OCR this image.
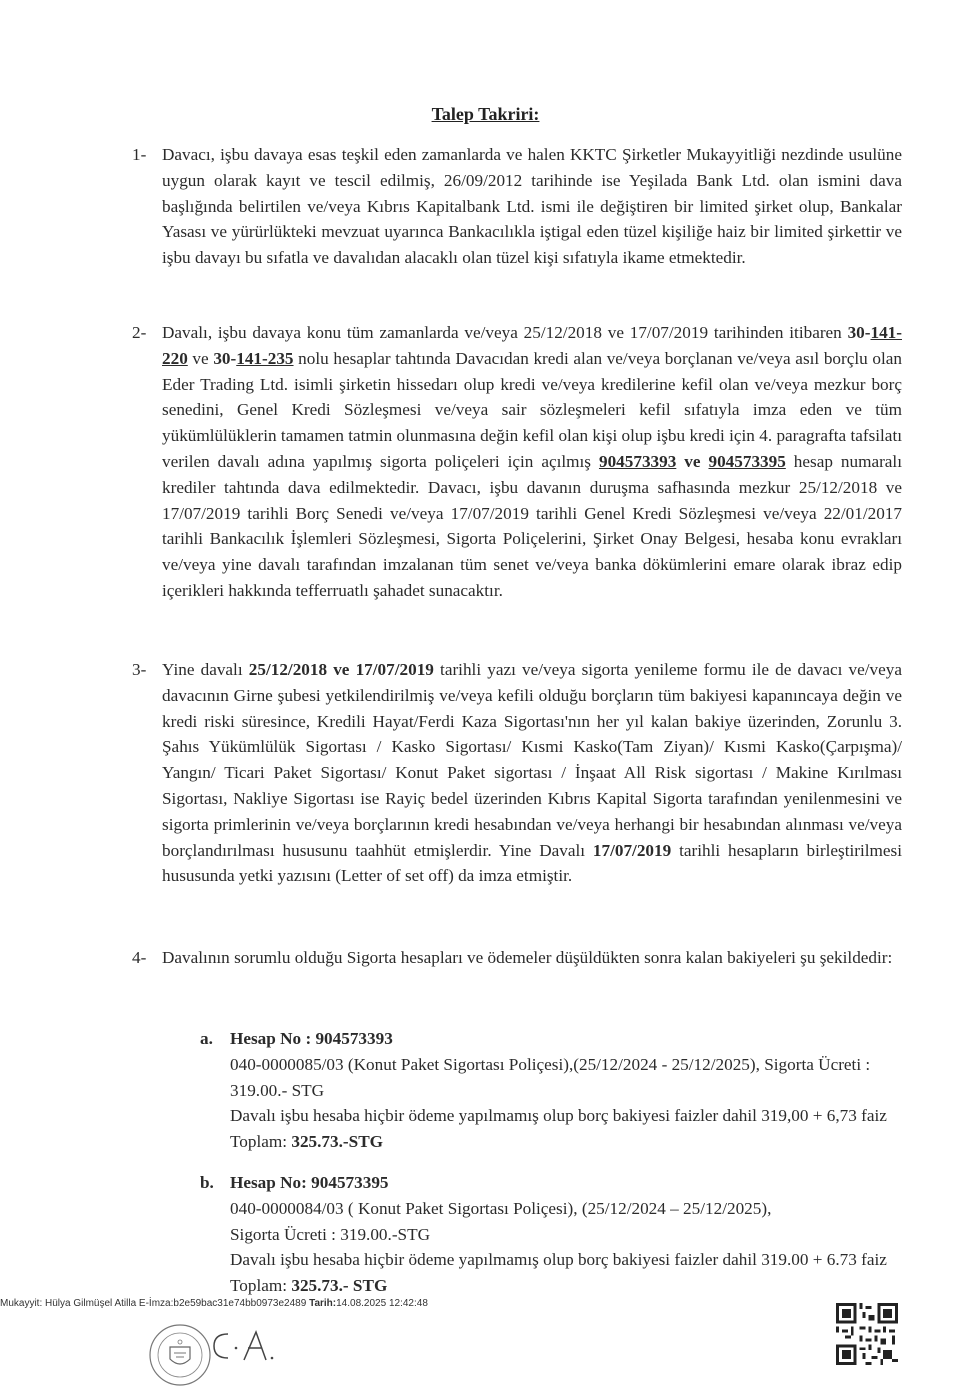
Talep Takriri:
1- Davacı, işbu davaya esas teşkil eden zamanlarda ve halen KKTC Şirketler Mukayyitliği nezdinde usulüne uygun olarak kayıt ve tescil edilmiş, 26/09/2012 tarihinde ise Yeşilada Bank Ltd. olan ismini dava başlığında belirtilen ve/veya Kıbrıs Kapitalbank Ltd. ismi ile değiştiren bir limited şirket olup, Bankalar Yasası ve yürürlükteki mevzuat uyarınca Bankacılıkla iştigal eden tüzel kişiliğe haiz bir limited şirkettir ve işbu davayı bu sıfatla ve davalıdan alacaklı olan tüzel kişi sıfatıyla ikame etmektedir.
2- Davalı, işbu davaya konu tüm zamanlarda ve/veya 25/12/2018 ve 17/07/2019 tarihinden itibaren 30-141-220 ve 30-141-235 nolu hesaplar tahtında Davacıdan kredi alan ve/veya borçlanan ve/veya asıl borçlu olan Eder Trading Ltd. isimli şirketin hissedarı olup kredi ve/veya kredilerine kefil olan ve/veya mezkur borç senedini, Genel Kredi Sözleşmesi ve/veya sair sözleşmeleri kefil sıfatıyla imza eden ve tüm yükümlülüklerin tamamen tatmin olunmasına değin kefil olan kişi olup işbu kredi için 4. paragrafta tafsilatı verilen davalı adına yapılmış sigorta poliçeleri için açılmış 904573393 ve 904573395 hesap numaralı krediler tahtında dava edilmektedir. Davacı, işbu davanın duruşma safhasında mezkur 25/12/2018 ve 17/07/2019 tarihli Borç Senedi ve/veya 17/07/2019 tarihli Genel Kredi Sözleşmesi ve/veya 22/01/2017 tarihli Bankacılık İşlemleri Sözleşmesi, Sigorta Poliçelerini, Şirket Onay Belgesi, hesaba konu evrakları ve/veya yine davalı tarafından imzalanan tüm senet ve/veya banka dökümlerini emare olarak ibraz edip içerikleri hakkında tefferruatlı şahadet sunacaktır.
3- Yine davalı 25/12/2018 ve 17/07/2019 tarihli yazı ve/veya sigorta yenileme formu ile de davacı ve/veya davacının Girne şubesi yetkilendirilmiş ve/veya kefili olduğu borçların tüm bakiyesi kapanıncaya değin ve kredi riski süresince, Kredili Hayat/Ferdi Kaza Sigortası'nın her yıl kalan bakiye üzerinden, Zorunlu 3. Şahıs Yükümlülük Sigortası / Kasko Sigortası/ Kısmi Kasko(Tam Ziyan)/ Kısmi Kasko(Çarpışma)/ Yangın/ Ticari Paket Sigortası/ Konut Paket sigortası / İnşaat All Risk sigortası / Makine Kırılması Sigortası, Nakliye Sigortası ise Rayiç bedel üzerinden Kıbrıs Kapital Sigorta tarafından yenilenmesini ve sigorta primlerinin ve/veya borçlarının kredi hesabından ve/veya herhangi bir hesabından alınması ve/veya borçlandırılması hususunu taahhüt etmişlerdir. Yine Davalı 17/07/2019 tarihli hesapların birleştirilmesi hususunda yetki yazısını (Letter of set off) da imza etmiştir.
4- Davalının sorumlu olduğu Sigorta hesapları ve ödemeler düşüldükten sonra kalan bakiyeleri şu şekildedir:
a. Hesap No : 904573393
040-0000085/03 (Konut Paket Sigortası Poliçesi),(25/12/2024 - 25/12/2025), Sigorta Ücreti : 319.00.- STG
Davalı işbu hesaba hiçbir ödeme yapılmamış olup borç bakiyesi faizler dahil 319,00 + 6,73 faiz Toplam: 325.73.-STG
b. Hesap No: 904573395
040-0000084/03 ( Konut Paket Sigortası Poliçesi), (25/12/2024 – 25/12/2025),
Sigorta Ücreti : 319.00.-STG
Davalı işbu hesaba hiçbir ödeme yapılmamış olup borç bakiyesi faizler dahil 319.00 + 6.73 faiz Toplam: 325.73.- STG
Mukayyit: Hülya Gilmüşel Atilla E-İmza:b2e59bac31e74bb0973e2489 Tarih:14.08.2025 12:42:48
